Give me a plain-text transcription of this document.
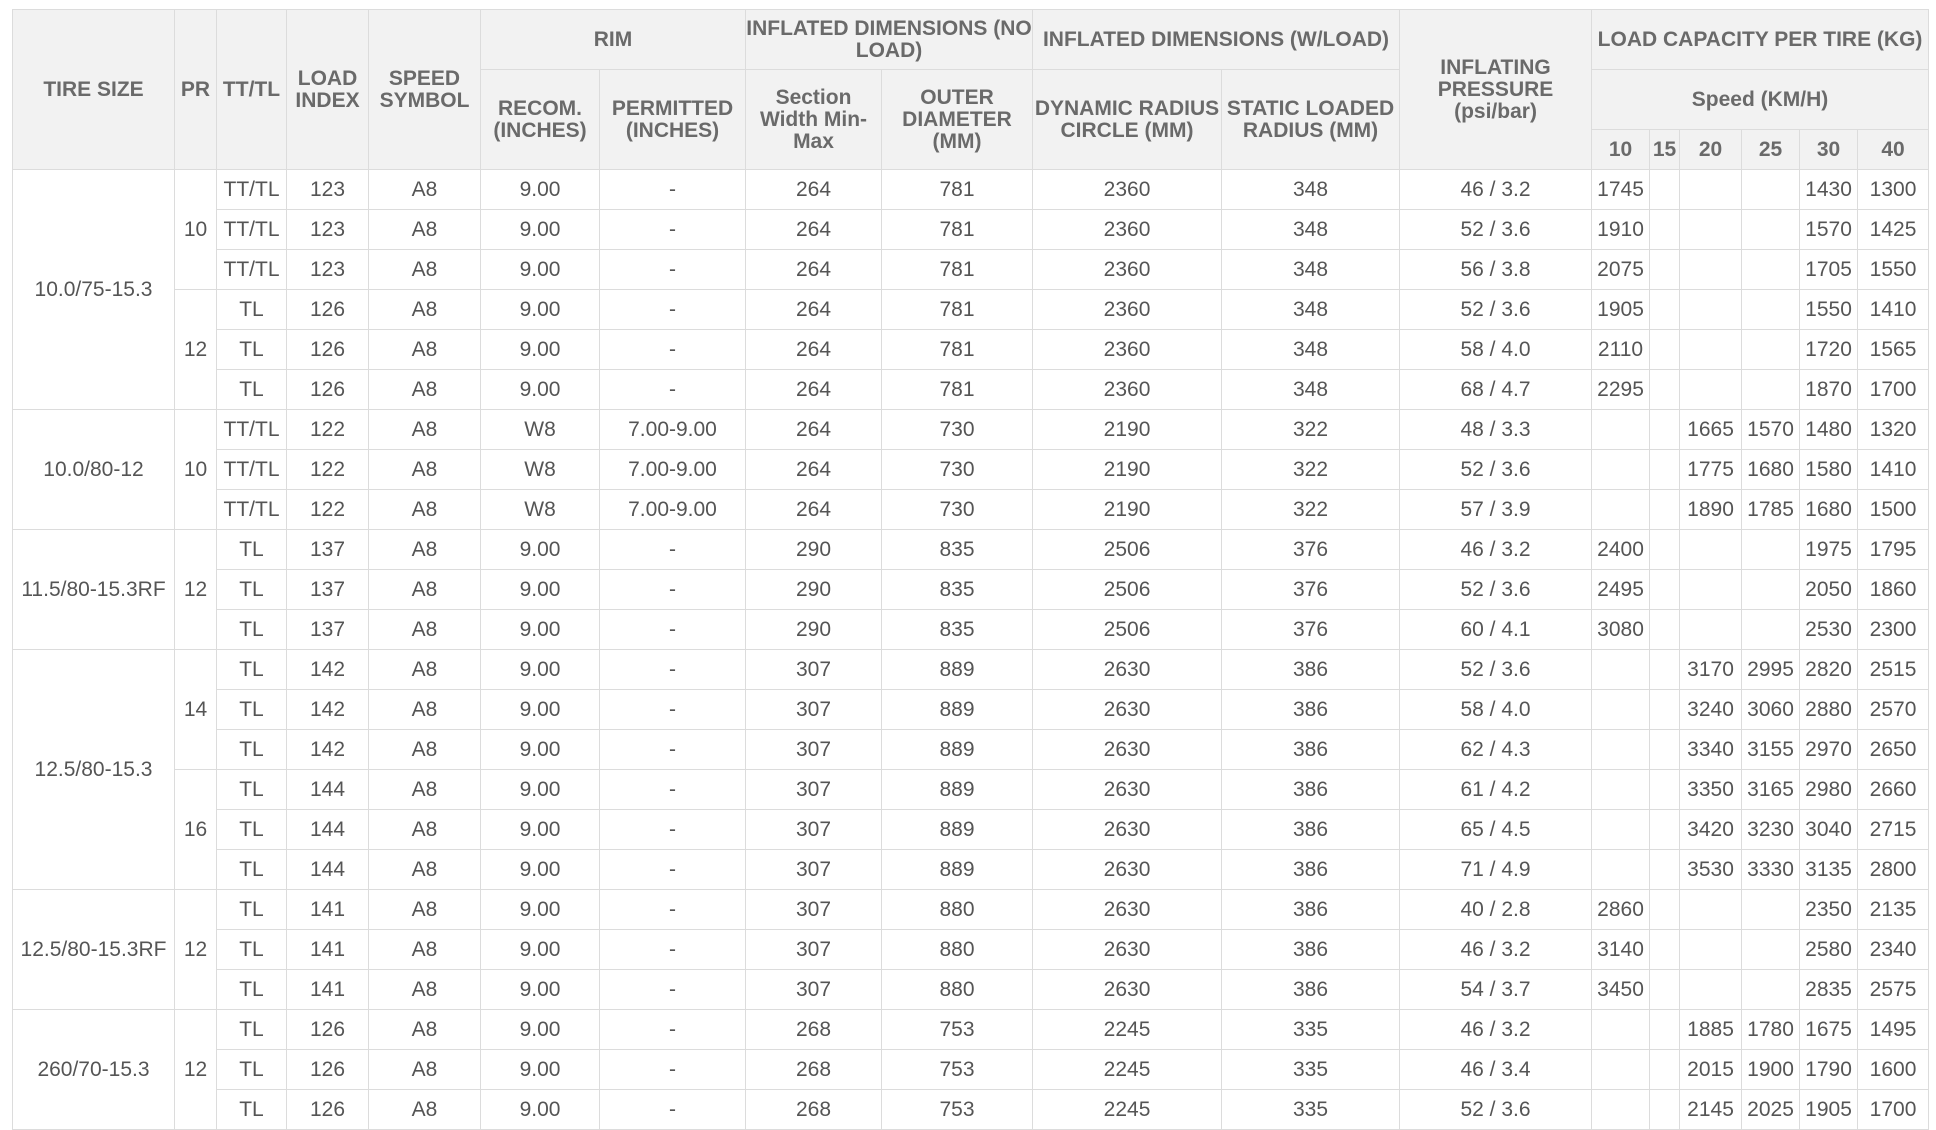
TIRE SIZE	PR	TT/TL	LOAD INDEX	SPEED SYMBOL	RIM		INFLATED DIMENSIONS (NO LOAD)		INFLATED DIMENSIONS (W/LOAD)		INFLATING PRESSURE (psi/bar)	LOAD CAPACITY PER TIRE (KG)					
					RECOM. (INCHES)	PERMITTED (INCHES)	Section Width Min-Max	OUTER DIAMETER (MM)	DYNAMIC RADIUS CIRCLE (MM)	STATIC LOADED RADIUS (MM)		Speed (KM/H)					
												10	15	20	25	30	40
10.0/75-15.3	10	TT/TL	123	A8	9.00	-	264	781	2360	348	46 / 3.2	1745				1430	1300
		TT/TL	123	A8	9.00	-	264	781	2360	348	52 / 3.6	1910				1570	1425
		TT/TL	123	A8	9.00	-	264	781	2360	348	56 / 3.8	2075				1705	1550
	12	TL	126	A8	9.00	-	264	781	2360	348	52 / 3.6	1905				1550	1410
		TL	126	A8	9.00	-	264	781	2360	348	58 / 4.0	2110				1720	1565
		TL	126	A8	9.00	-	264	781	2360	348	68 / 4.7	2295				1870	1700
10.0/80-12	10	TT/TL	122	A8	W8	7.00-9.00	264	730	2190	322	48 / 3.3			1665	1570	1480	1320
		TT/TL	122	A8	W8	7.00-9.00	264	730	2190	322	52 / 3.6			1775	1680	1580	1410
		TT/TL	122	A8	W8	7.00-9.00	264	730	2190	322	57 / 3.9			1890	1785	1680	1500
11.5/80-15.3RF	12	TL	137	A8	9.00	-	290	835	2506	376	46 / 3.2	2400				1975	1795
		TL	137	A8	9.00	-	290	835	2506	376	52 / 3.6	2495				2050	1860
		TL	137	A8	9.00	-	290	835	2506	376	60 / 4.1	3080				2530	2300
12.5/80-15.3	14	TL	142	A8	9.00	-	307	889	2630	386	52 / 3.6			3170	2995	2820	2515
		TL	142	A8	9.00	-	307	889	2630	386	58 / 4.0			3240	3060	2880	2570
		TL	142	A8	9.00	-	307	889	2630	386	62 / 4.3			3340	3155	2970	2650
	16	TL	144	A8	9.00	-	307	889	2630	386	61 / 4.2			3350	3165	2980	2660
		TL	144	A8	9.00	-	307	889	2630	386	65 / 4.5			3420	3230	3040	2715
		TL	144	A8	9.00	-	307	889	2630	386	71 / 4.9			3530	3330	3135	2800
12.5/80-15.3RF	12	TL	141	A8	9.00	-	307	880	2630	386	40 / 2.8	2860				2350	2135
		TL	141	A8	9.00	-	307	880	2630	386	46 / 3.2	3140				2580	2340
		TL	141	A8	9.00	-	307	880	2630	386	54 / 3.7	3450				2835	2575
260/70-15.3	12	TL	126	A8	9.00	-	268	753	2245	335	46 / 3.2			1885	1780	1675	1495
		TL	126	A8	9.00	-	268	753	2245	335	46 / 3.4			2015	1900	1790	1600
		TL	126	A8	9.00	-	268	753	2245	335	52 / 3.6			2145	2025	1905	1700
